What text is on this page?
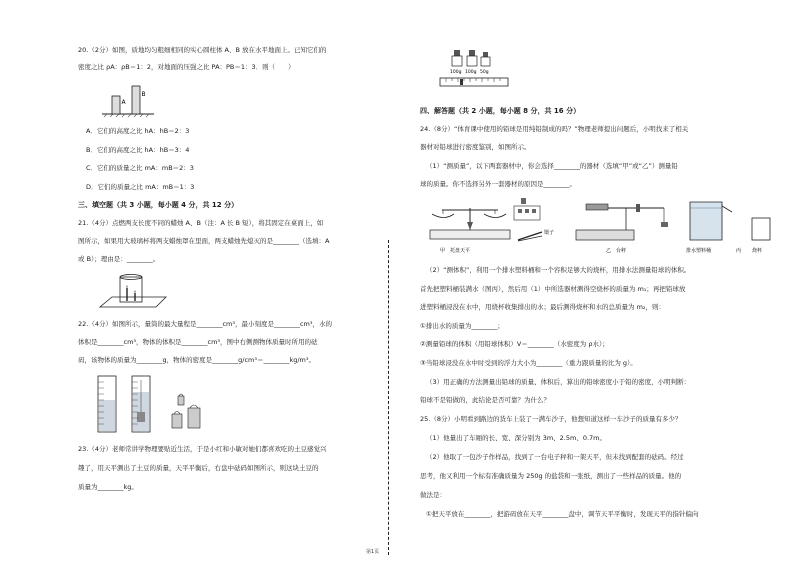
20.（2分）如图，质地均匀粗细相同的实心圆柱体 A、B 放在水平地面上。已知它们的
密度之比 ρA：ρB＝1：2，对地面的压强之比 PA：PB＝1：3．则（　　）
A
B
A．它们的高度之比 hA：hB＝2：3
B．它们的高度之比 hA：hB＝3：4
C．它们的质量之比 mA：mB＝2：3
D．它们的质量之比 mA：mB＝1：3
三、填空题（共 3 小题，每小题 4 分，共 12 分）
21.（4分）点燃两支长度不同的蜡烛 A、B（注：A 长 B 短），将其固定在桌面上，如
图所示，如果用大玻璃杯将两支蜡烛罩在里面，两支蜡烛先熄灭的是________（选填：A
或 B）；理由是：________。
22.（4分）如图所示，量筒的最大量程是________cm³，最小刻度是________cm³，水的
体积是________cm³，物体的体积是________cm³，图中右侧测物体质量时所用的砝
码，该物体的质量为________g，物体的密度是________g/cm³＝________kg/m³。
23.（4分）老师常讲学物理要贴近生活，于是小红和小敏对她们都喜欢吃的土豆感觉兴
趣了，用天平测出了土豆的质量，天平平衡后，右盘中砝码如图所示，则这块土豆的
质量为________kg。
第1页
100g 100g 50g
四、解答题（共 2 小题，每小题 8 分，共 16 分）
24.（8分）“体育课中使用的铅球是用纯铅制成的吗？”物理老师提出问题后，小明找来了相关
器材对铅球进行密度鉴别，如图所示。
（1）“测质量”，以下两套器材中，你会选择________的器材（选填“甲”或“乙”）测量铅
球的质量。你不选择另外一套器材的原因是________。
镊子
甲　托盘天平	乙　台秤	排水塑料桶	丙 烧杯
（2）“测体积”，利用一个排水塑料桶和一个容积足够大的烧杯，用排水法测量铅球的体积。
首先把塑料桶装满水（图丙），然后用（1）中所选器材测得空烧杯的质量为 m₁；再把铅球放
进塑料桶浸没在水中，用烧杯收集排出的水；最后测得烧杯和水的总质量为 m₂，则：
①排出水的质量为________；
②测量铅球的体积（用铅球体积）V＝________（水密度为 ρ水）；
③当铅球浸没在水中时受到的浮力大小为________（重力跟质量的比为 g）。
（3）用正确的方法测量出铅球的质量、体积后，算出的铅球密度小于铅的密度，小明判断：
铅球不是铅做的，此结论是否可靠？为什么？
25.（8分）小明看到路边的货车上装了一满车沙子，他想知道这样一车沙子的质量有多少？
（1）他量出了车厢的长、宽、深分别为 3m、2.5m、0.7m。
（2）他取了一包沙子作样品，找到了一台电子秤和一架天平，但未找到配套的砝码。经过
思考，他又利用一个标有准确质量为 250g 的盐袋和一张纸，测出了一些样品的质量。他的
做法是：
①把天平放在________，把游码放在天平________盘中，调节天平平衡时，发现天平的指针偏向
